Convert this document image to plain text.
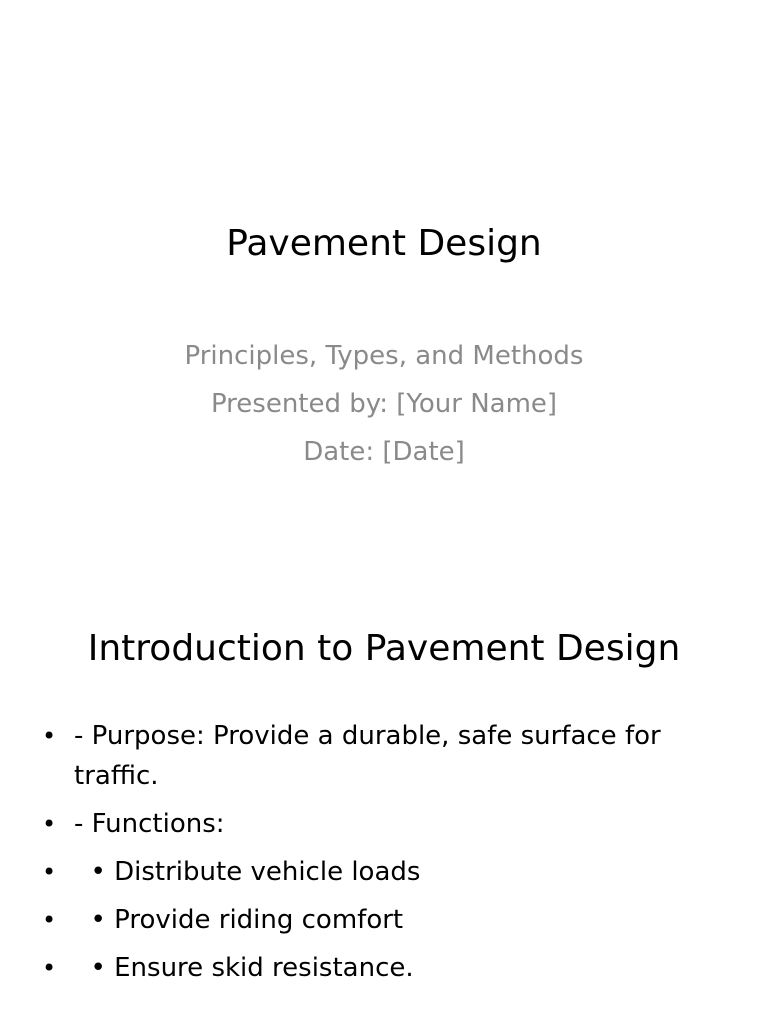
Pavement Design
Principles, Types, and Methods
Presented by: [Your Name]
Date: [Date]
Introduction to Pavement Design
• - Purpose: Provide a durable, safe surface for traffic.
• - Functions:
• • Distribute vehicle loads
• • Provide riding comfort
• • Ensure skid resistance.
